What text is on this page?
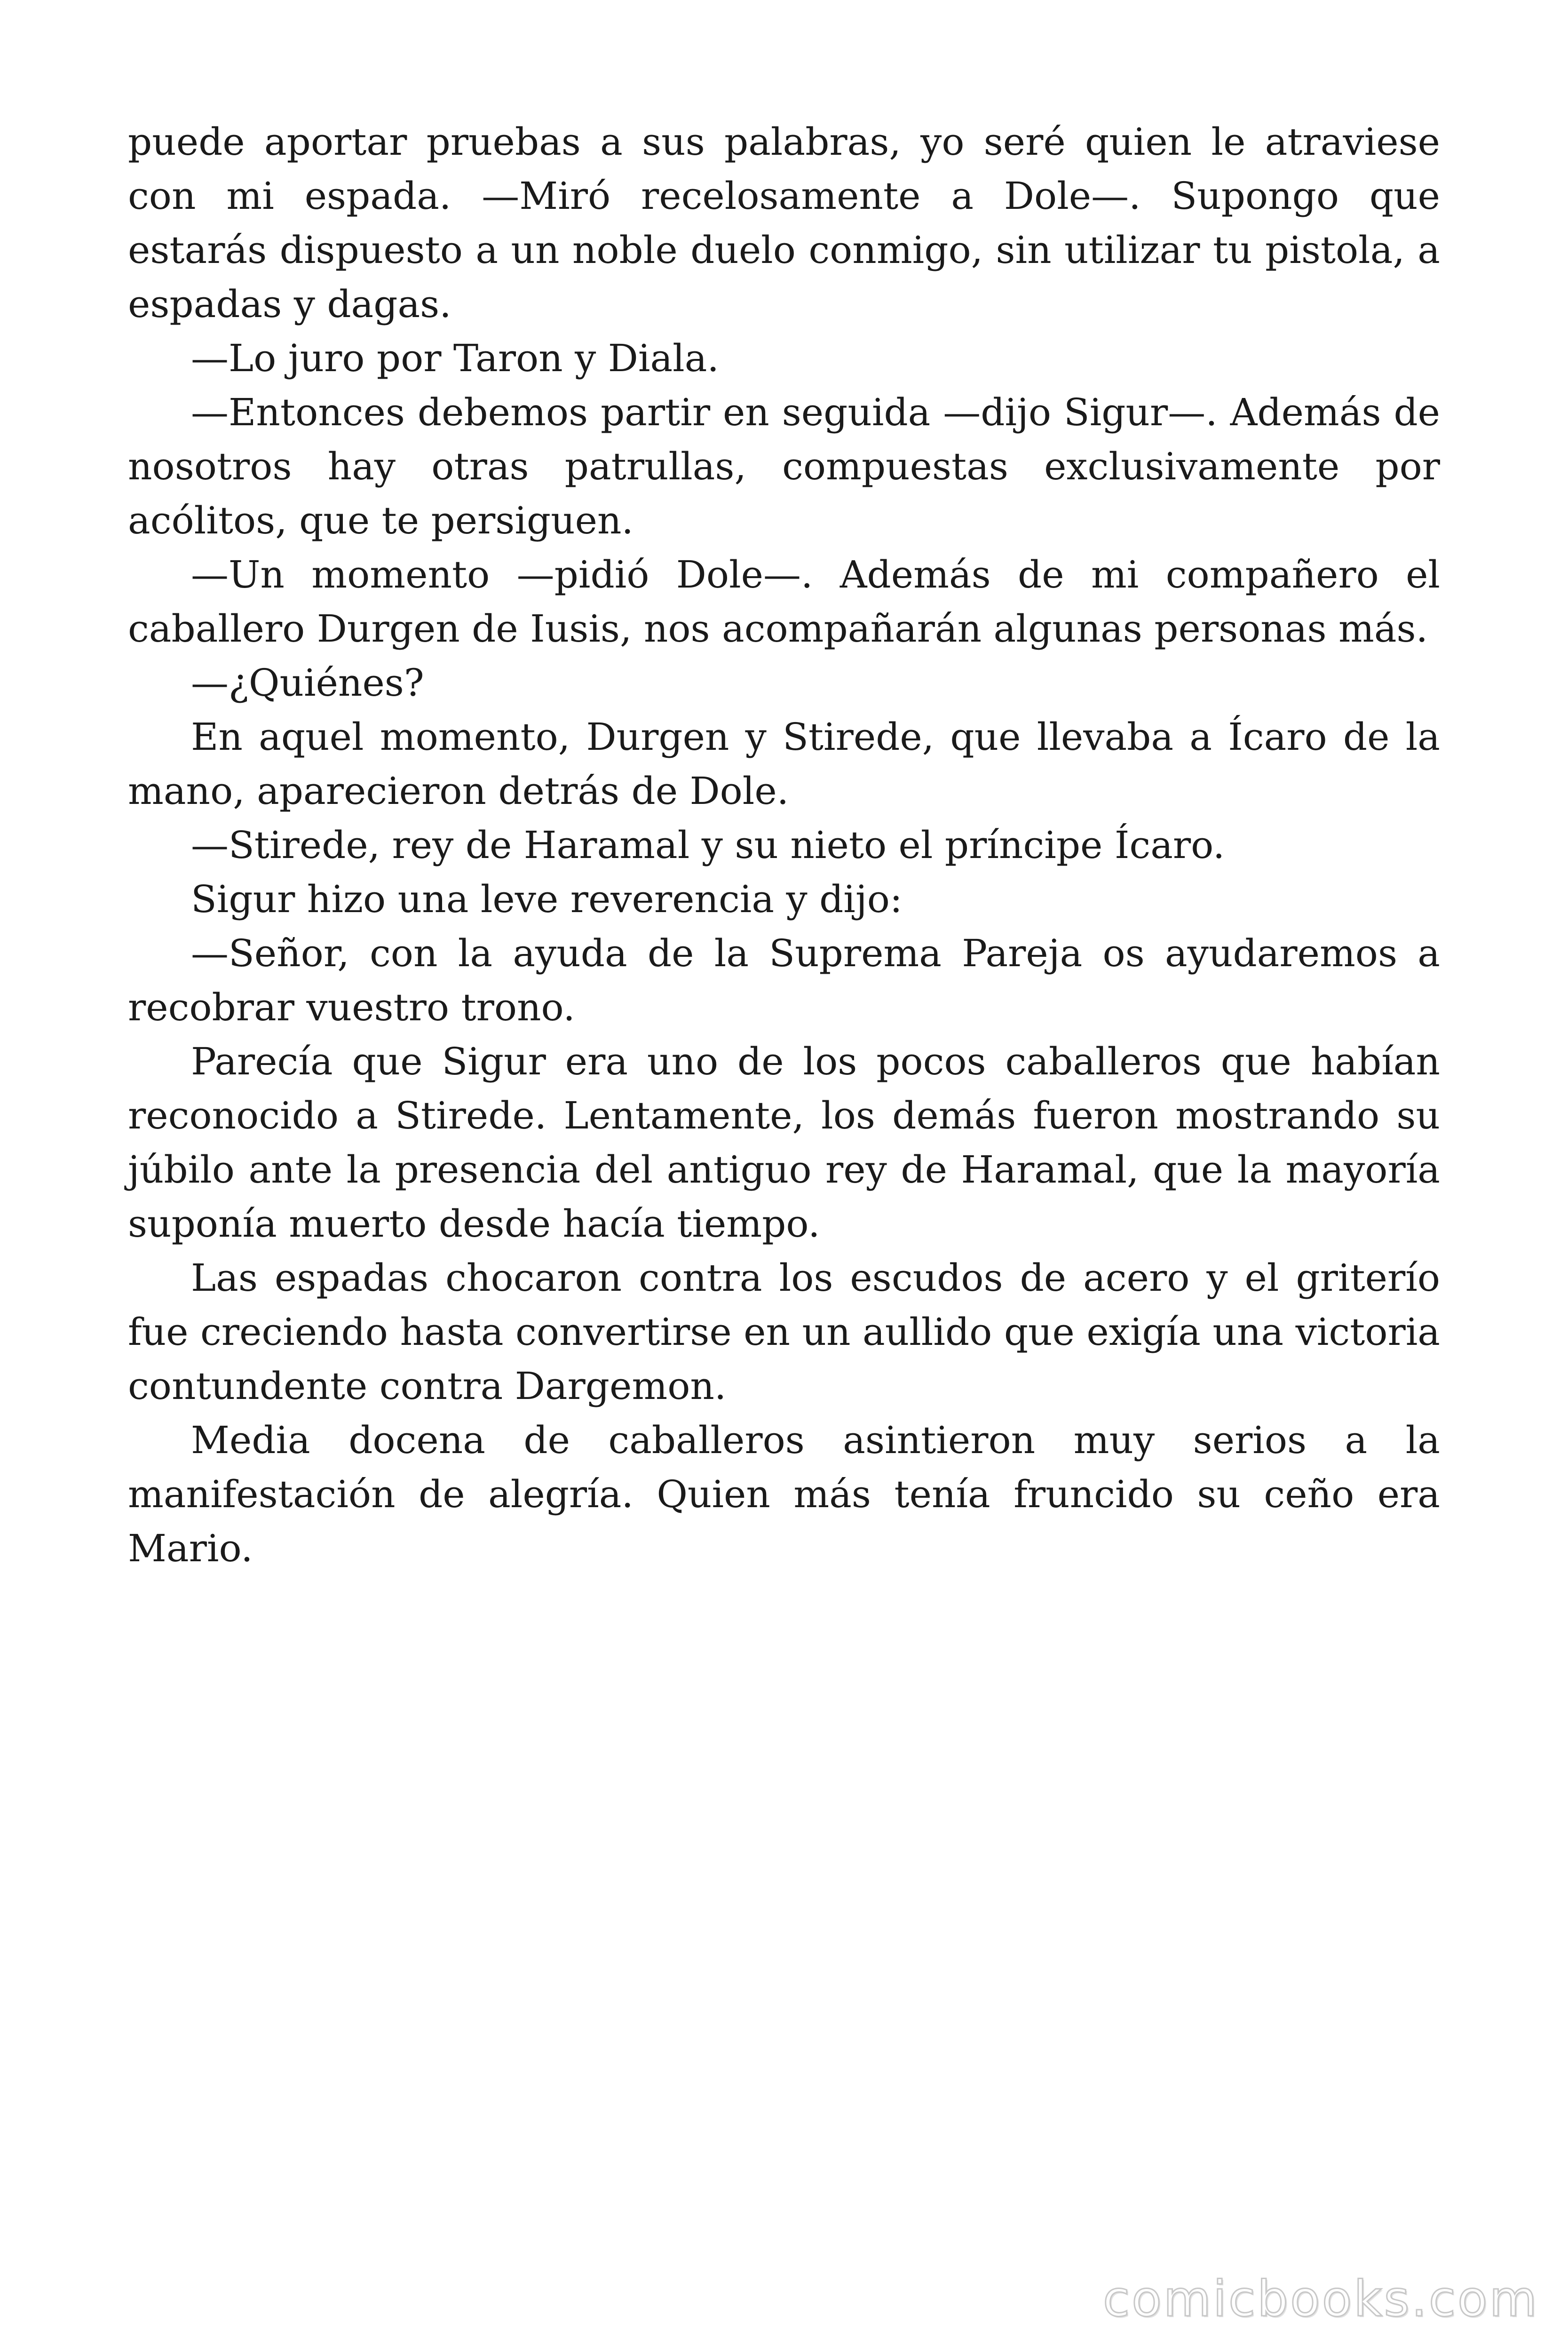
puede aportar pruebas a sus palabras, yo seré quien le atraviese con mi espada. —Miró recelosamente a Dole—. Supongo que estarás dispuesto a un noble duelo conmigo, sin utilizar tu pistola, a espadas y dagas.

—Lo juro por Taron y Diala.

—Entonces debemos partir en seguida —dijo Sigur—. Además de nosotros hay otras patrullas, compuestas exclusivamente por acólitos, que te persiguen.

—Un momento —pidió Dole—. Además de mi compañero el caballero Durgen de Iusis, nos acompañarán algunas personas más.

—¿Quiénes?

En aquel momento, Durgen y Stirede, que llevaba a Ícaro de la mano, aparecieron detrás de Dole.

—Stirede, rey de Haramal y su nieto el príncipe Ícaro.

Sigur hizo una leve reverencia y dijo:

—Señor, con la ayuda de la Suprema Pareja os ayudaremos a recobrar vuestro trono.

Parecía que Sigur era uno de los pocos caballeros que habían reconocido a Stirede. Lentamente, los demás fueron mostrando su júbilo ante la presencia del antiguo rey de Haramal, que la mayoría suponía muerto desde hacía tiempo.

Las espadas chocaron contra los escudos de acero y el griterío fue creciendo hasta convertirse en un aullido que exigía una victoria contundente contra Dargemon.

Media docena de caballeros asintieron muy serios a la manifestación de alegría. Quien más tenía fruncido su ceño era Mario.

comicbooks.com
